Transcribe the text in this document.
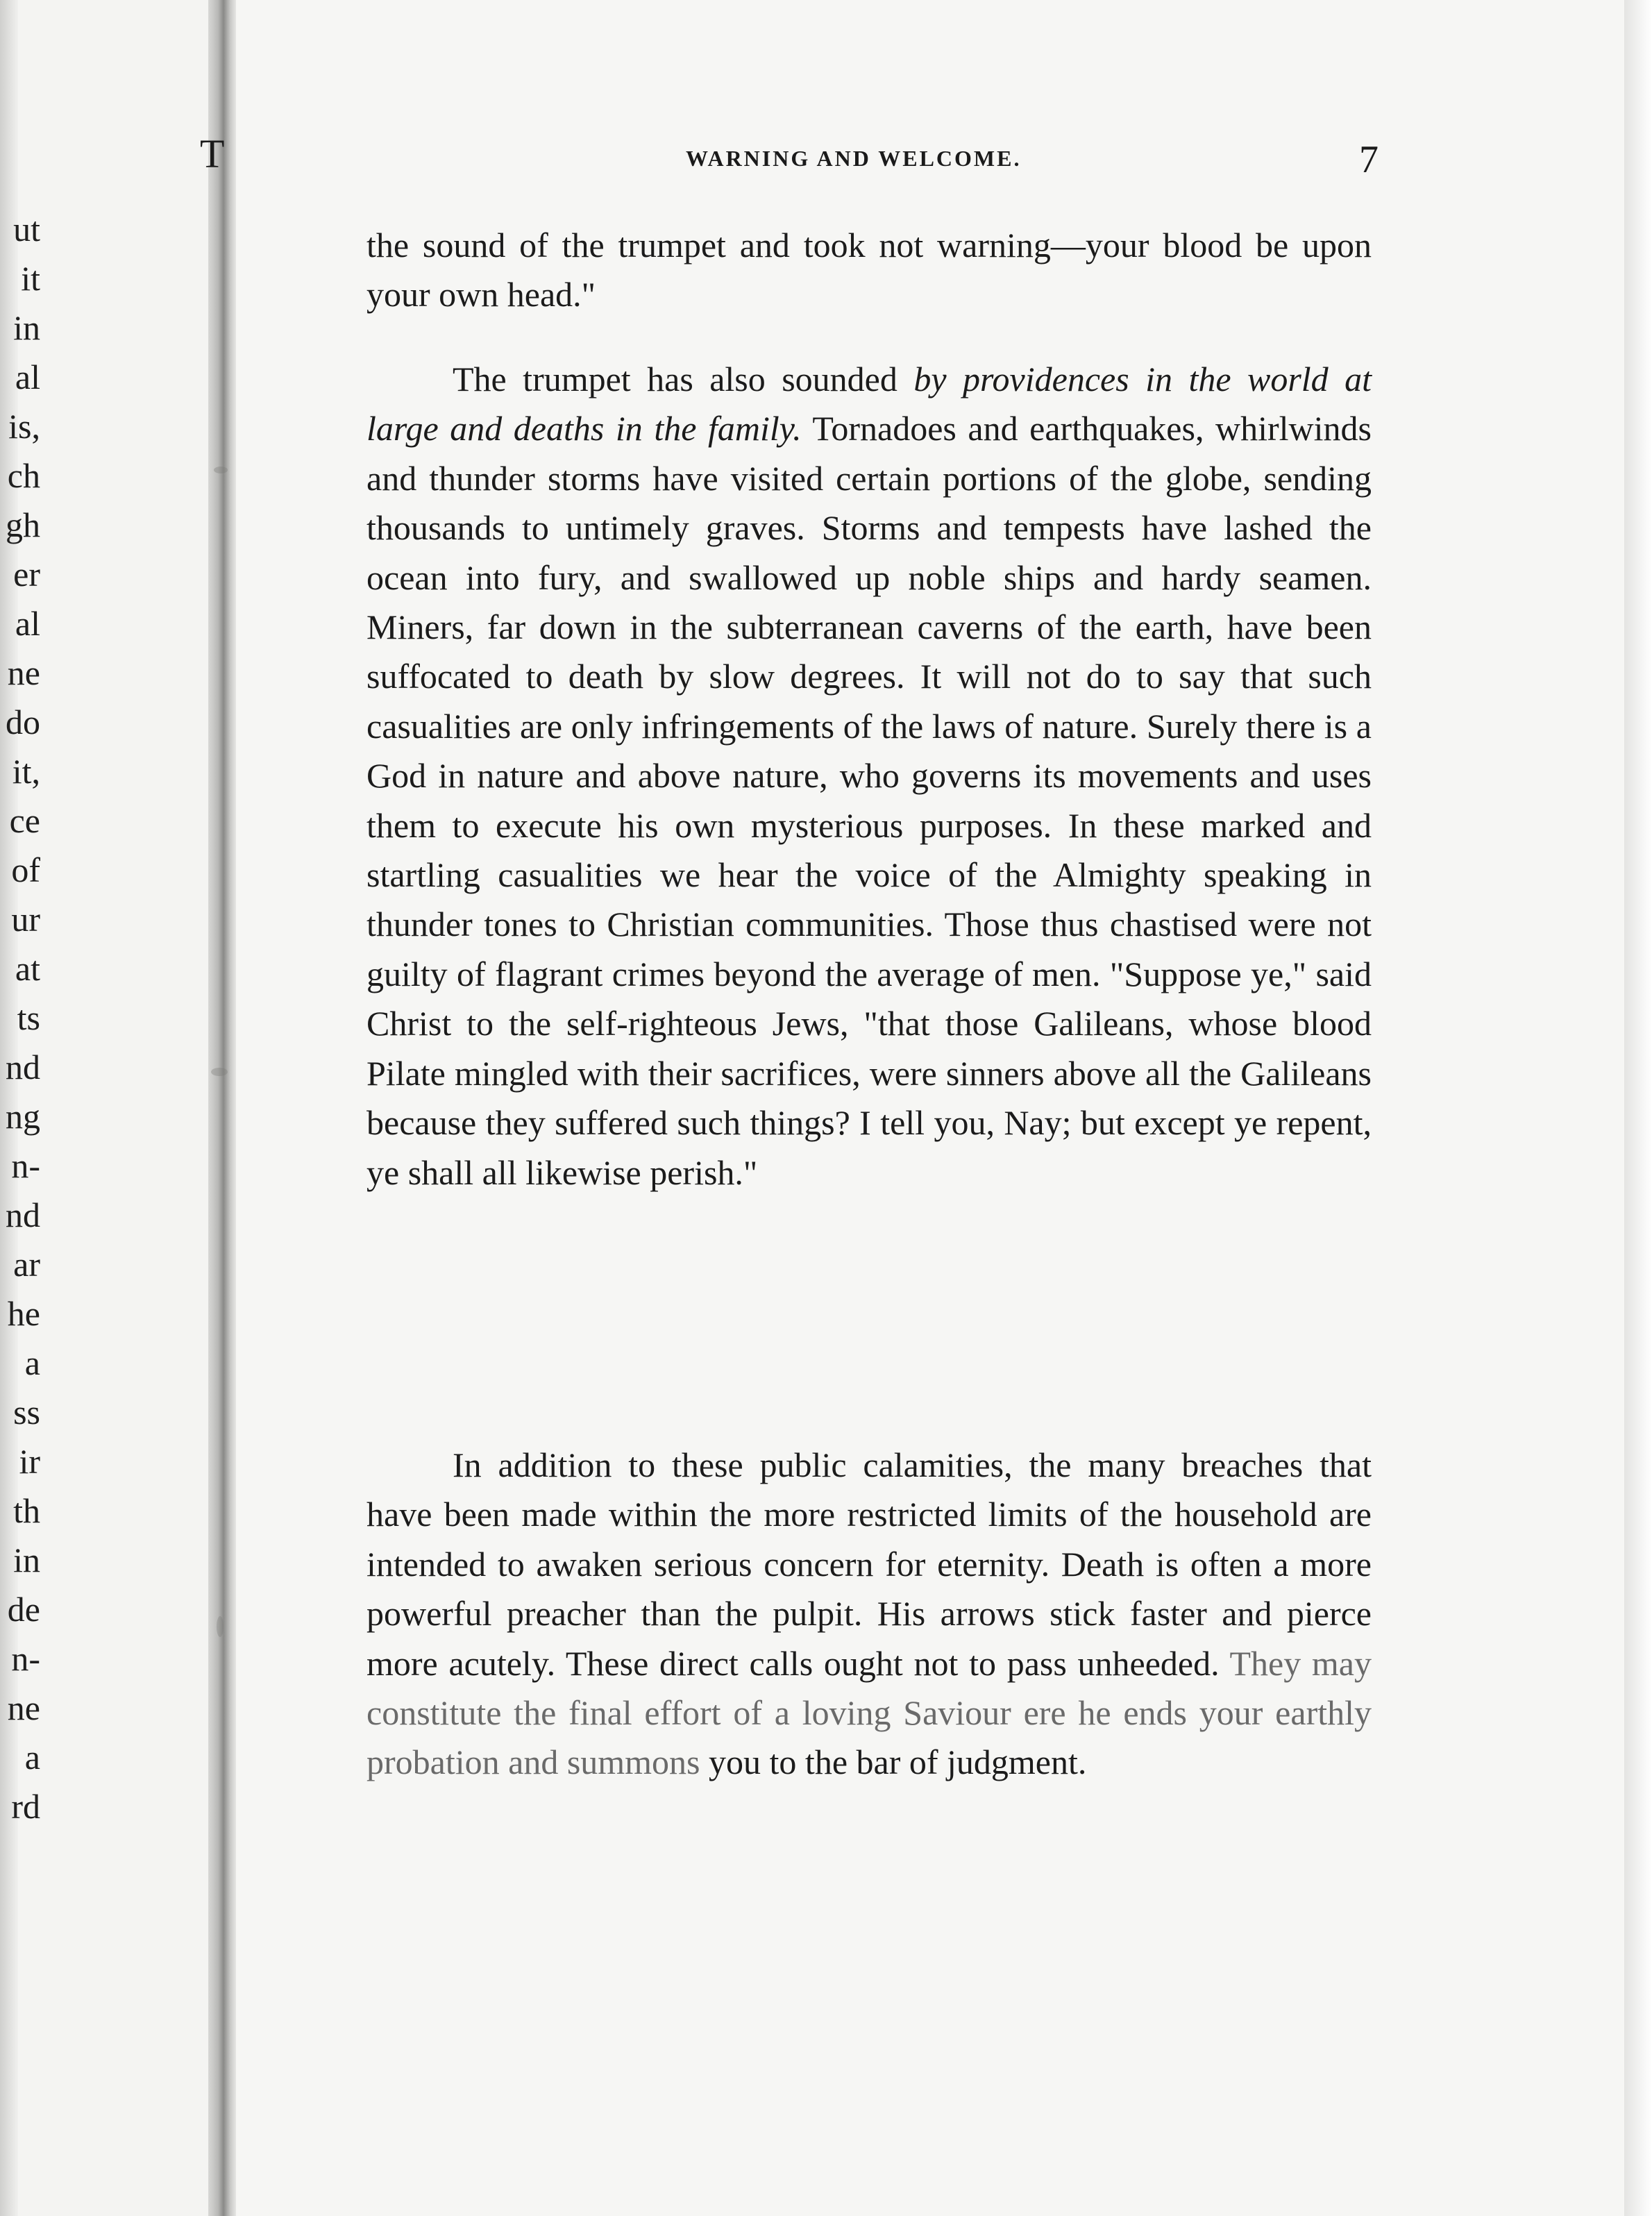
ut
it
in
al
is,
ch
gh
er
al
ne
do
it,
ce
of
ur
at
ts
nd
ng
n-
nd
ar
he
a
ss
ir
th
in
de
n-
ne
a
rd
T	WARNING AND WELCOME.	7

the sound of the trumpet and took not warning—your blood be upon your own head."

The trumpet has also sounded by providences in the world at large and deaths in the family. Tornadoes and earthquakes, whirlwinds and thunder storms have visited certain portions of the globe, sending thousands to untimely graves. Storms and tempests have lashed the ocean into fury, and swallowed up noble ships and hardy seamen. Miners, far down in the subterranean caverns of the earth, have been suffocated to death by slow degrees. It will not do to say that such casualities are only infringements of the laws of nature. Surely there is a God in nature and above nature, who governs its movements and uses them to execute his own mysterious purposes. In these marked and startling casualities we hear the voice of the Almighty speaking in thunder tones to Christian communities. Those thus chastised were not guilty of flagrant crimes beyond the average of men. "Suppose ye," said Christ to the self-righteous Jews, "that those Galileans, whose blood Pilate mingled with their sacrifices, were sinners above all the Galileans because they suffered such things? I tell you, Nay; but except ye repent, ye shall all likewise perish."

In addition to these public calamities, the many breaches that have been made within the more restricted limits of the household are intended to awaken serious concern for eternity. Death is often a more powerful preacher than the pulpit. His arrows stick faster and pierce more acutely. These direct calls ought not to pass unheeded. They may constitute the final effort of a loving Saviour ere he ends your earthly probation and summons you to the bar of judgment.
